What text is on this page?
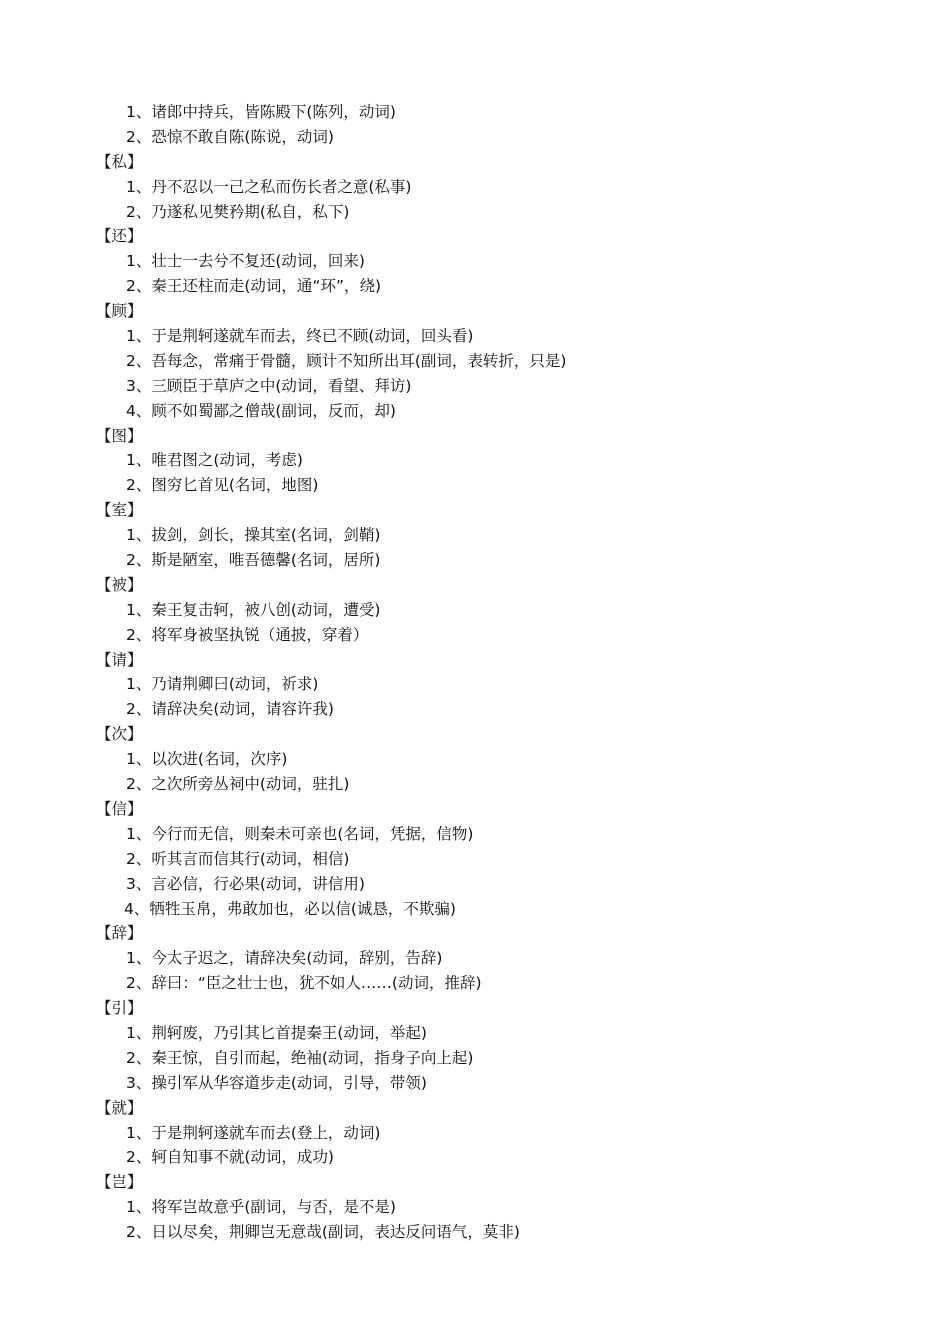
1、诸郎中持兵，皆陈殿下(陈列，动词)
2、恐惊不敢自陈(陈说，动词)
【私】
1、丹不忍以一己之私而伤长者之意(私事)
2、乃遂私见樊矜期(私自，私下)
【还】
1、壮士一去兮不复还(动词，回来)
2、秦王还柱而走(动词，通“环”，绕)
【顾】
1、于是荆轲遂就车而去，终已不顾(动词，回头看)
2、吾每念，常痛于骨髓，顾计不知所出耳(副词，表转折，只是)
3、三顾臣于草庐之中(动词，看望、拜访)
4、顾不如蜀鄙之僧哉(副词，反而，却)
【图】
1、唯君图之(动词，考虑)
2、图穷匕首见(名词，地图)
【室】
1、拔剑，剑长，操其室(名词，剑鞘)
2、斯是陋室，唯吾德馨(名词，居所)
【被】
1、秦王复击轲，被八创(动词，遭受)
2、将军身被坚执锐（通披，穿着）
【请】
1、乃请荆卿曰(动词，祈求)
2、请辞决矣(动词，请容许我)
【次】
1、以次进(名词，次序)
2、之次所旁丛祠中(动词，驻扎)
【信】
1、今行而无信，则秦未可亲也(名词，凭据，信物)
2、听其言而信其行(动词，相信)
3、言必信，行必果(动词，讲信用)
4、牺牲玉帛，弗敢加也，必以信(诚恳，不欺骗)
【辞】
1、今太子迟之，请辞决矣(动词，辞别，告辞)
2、辞曰：“臣之壮士也，犹不如人……(动词，推辞)
【引】
1、荆轲废，乃引其匕首提秦王(动词，举起)
2、秦王惊，自引而起，绝袖(动词，指身子向上起)
3、操引军从华容道步走(动词，引导，带领)
【就】
1、于是荆轲遂就车而去(登上，动词)
2、轲自知事不就(动词，成功)
【岂】
1、将军岂故意乎(副词，与否，是不是)
2、日以尽矣，荆卿岂无意哉(副词，表达反问语气，莫非)
